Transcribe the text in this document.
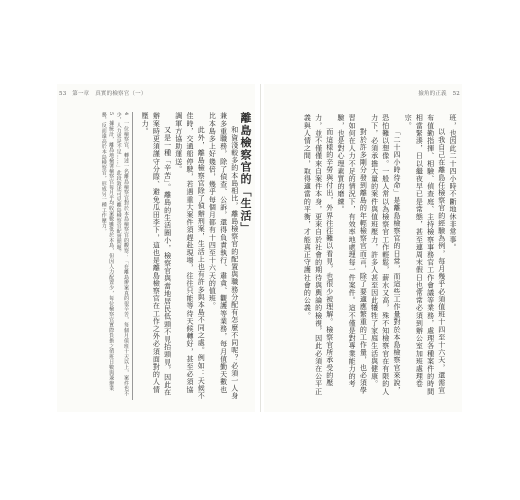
撿角的正義 52

班，也因此二十四小時不斷地休非常事。

以我自己在離島任檢察官的經驗為例，每月幾乎必須值班十四至十六天，還需宣布值勤指揮、相驗、偵查庭、主持檢察事務官工作會議等業務，處理各種案件的時間相當緊湊，日以繼夜早已是常態，甚至連周末假日也常常必須到辦公室加班處理卷宗。

「二十四小時待命」是離島檢察官的日常，而這些工作量對於本島檢察官來說，恐怕難以想像。一般人常以為檢察官工作輕鬆，薪水又高，殊不知檢察官在有限的人力下，必須承擔大量的案件與值班壓力，許多人甚至因此犧牲了家庭生活與健康。

對於許多剛分發到離島的年輕檢察官而言，除了要適應繁重的工作量，也必須學習如何在人力不足的情況下，有效率地處理每一件案件。這不僅是對專業能力的考驗，也是對心理素質的磨練。

而這樣的辛勞與付出，外界往往難以看見，也很少被理解。檢察官所承受的壓力，並不僅僅來自案件本身，更來自於社會的期待與輿論的檢視，因此必須在公平正義與人情之間，取得適當的平衡，才能真正守護社會的公義。

53 第一章 真實的檢察官（一）

離島檢察官的「生活」

和資淺較多的本島相比，離島檢察官的配置與職務分配有怎麼不同呢？必須一人身兼多重職務，除了偵查、公訴，還得負責執行、肅貪、觀護等業務，每月值勤天數也比本島多上好幾倍，幾乎每個月都有十四至十六天的值班。

此外，離島檢察官除了偵辦刑案，生活上也有許多與本島不同之處。例如：天候不佳時，交通船停駛，若遇重大案件須趕赴現場，往往只能等待天候轉好，甚至必須協調軍方協助運送。

又是一種「辛苦」。離島的生活圈小，檢察官與當地居民低頭不見抬頭見，因此在辦案時更須謹守分際、避免瓜田李下，這也是離島檢察官在工作之外必須面對的人情壓力。

4　一位檢察官，轉述一名離島檢察官對於本島檢察官的觀察：「在離島辦案真的很辛苦，每個月值班十天以上，案件也不少，人力更是不足……」此段敘述可見離島檢察官配置問題。

5　據統計，離島地檢署檢察官每月平均收案數雖低於本島，但因人力配置少，每位檢察官實際負擔之值班日數與兼辦業務，反而遠高於本島檢察官，形成另一種工作壓力。
